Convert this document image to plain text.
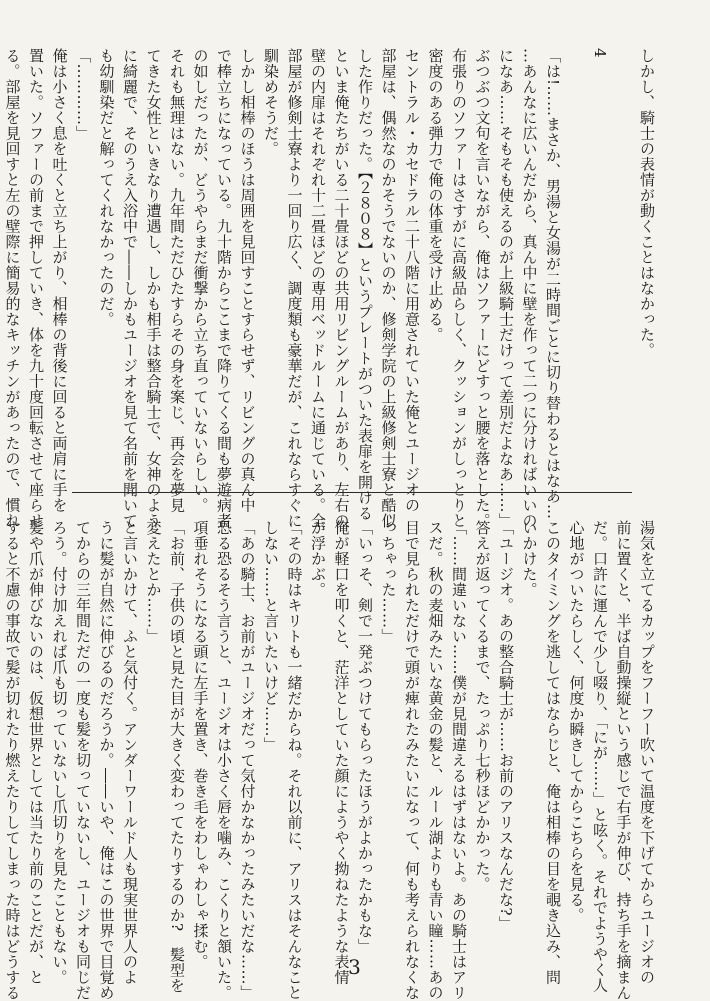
しかし、騎士の表情が動くことはなかった。

4

「は!……まさか、男湯と女湯が二時間ごとに切り替わるとはなあ…

…あんなに広いんだから、真ん中に壁を作って二つに分ければいいの

になあ……そもそも使えるのが上級騎士だけって差別だよなあ……」

ぶつぶつ文句を言いながら、俺はソファーにどすっと腰を落とした。

布張りのソファーはさすがに高級品らしく、クッションがしっとりと

密度のある弾力で俺の体重を受け止める。

セントラル・カセドラル二十八階に用意されていた俺とユージオの

部屋は、偶然なのかそうでないのか、修剣学院の上級修剣士寮と酷似

した作りだった。【２８０８】というプレートがついた表扉を開ける

といま俺たちがいる二十畳ほどの共用リビングルームがあり、左右の

壁の内扉はそれぞれ十二畳ほどの専用ベッドルームに通じている。全

部屋が修剣士寮より一回り広く、調度類も豪華だが、これならすぐに

馴染めそうだ。

しかし相棒のほうは周囲を見回すことすらせず、リビングの真ん中

で棒立ちになっている。九十階からここまで降りてくる間も夢遊病者

の如しだったが、どうやらまだ衝撃から立ち直っていないらしい。

それも無理はない。九年間ただひたすらその身を案じ、再会を夢見

てきた女性といきなり遭遇し、しかも相手は整合騎士で、女神のよう

に綺麗で、そのうえ入浴中で――しかもユージオを見て名前を聞いて

も幼馴染だと解ってくれなかったのだ。

「…………」

俺は小さく息を吐くと立ち上がり、相棒の背後に回ると両肩に手を

置いた。ソファーの前まで押していき、体を九十度回転させて座らせ

る。部屋を見回すと左の壁際に簡易的なキッチンがあったので、慣れ

湯気を立てるカップをフーフー吹いて温度を下げてからユージオの

前に置くと、半ば自動操縦という感じで右手が伸び、持ち手を摘まん

だ。口許に運んで少し啜り、「にが……」と呟く。それでようやく人

心地がついたらしく、何度か瞬きしてからこちらを見る。

このタイミングを逃してはならじと、俺は相棒の目を覗き込み、問

いかけた。

「ユージオ。あの整合騎士が……お前のアリスなんだな?」

答えが返ってくるまで、たっぷり七秒ほどかかった。

「……間違いない……僕が見間違えるはずはないよ。あの騎士はアリ

スだ。秋の麦畑みたいな黄金の髪と、ルール湖よりも青い瞳……あの

目で見られただけで頭が痺れたみたいになって、何も考えられなくな

っちゃった……」

「いっそ、剣で一発ぶつけてもらったほうがよかったかもな」

俺が軽口を叩くと、茫洋としていた顔にようやく拗ねたような表情

が浮かぶ。

「その時はキリトも一緒だからね。それ以前に、アリスはそんなこと

しない……と言いたいけど……」

「あの騎士、お前がユージオだって気付かなかったみたいだな……」

恐る恐るそう言うと、ユージオは小さく唇を噛み、こくりと頷いた。

項垂れそうになる頭に左手を置き、巻き毛をわしゃわしゃ揉む。

「お前、子供の頃と見た目が大きく変わってたりするのか?　髪型を

変えたとか……」

と言いかけて、ふと気付く。アンダーワールド人も現実世界人のよ

うに髪が自然に伸びるのだろうか。――いや、俺はこの世界で目覚め

てからの三年間ただの一度も髪を切っていないし、ユージオも同じだ

ろう。付け加えれば爪も切っていないし爪切りを見たこともない。

髪や爪が伸びないのは、仮想世界としては当たり前のことだが、と

すると不慮の事故で髪が切れたり燃えたりしてしまった時はどうする	3
